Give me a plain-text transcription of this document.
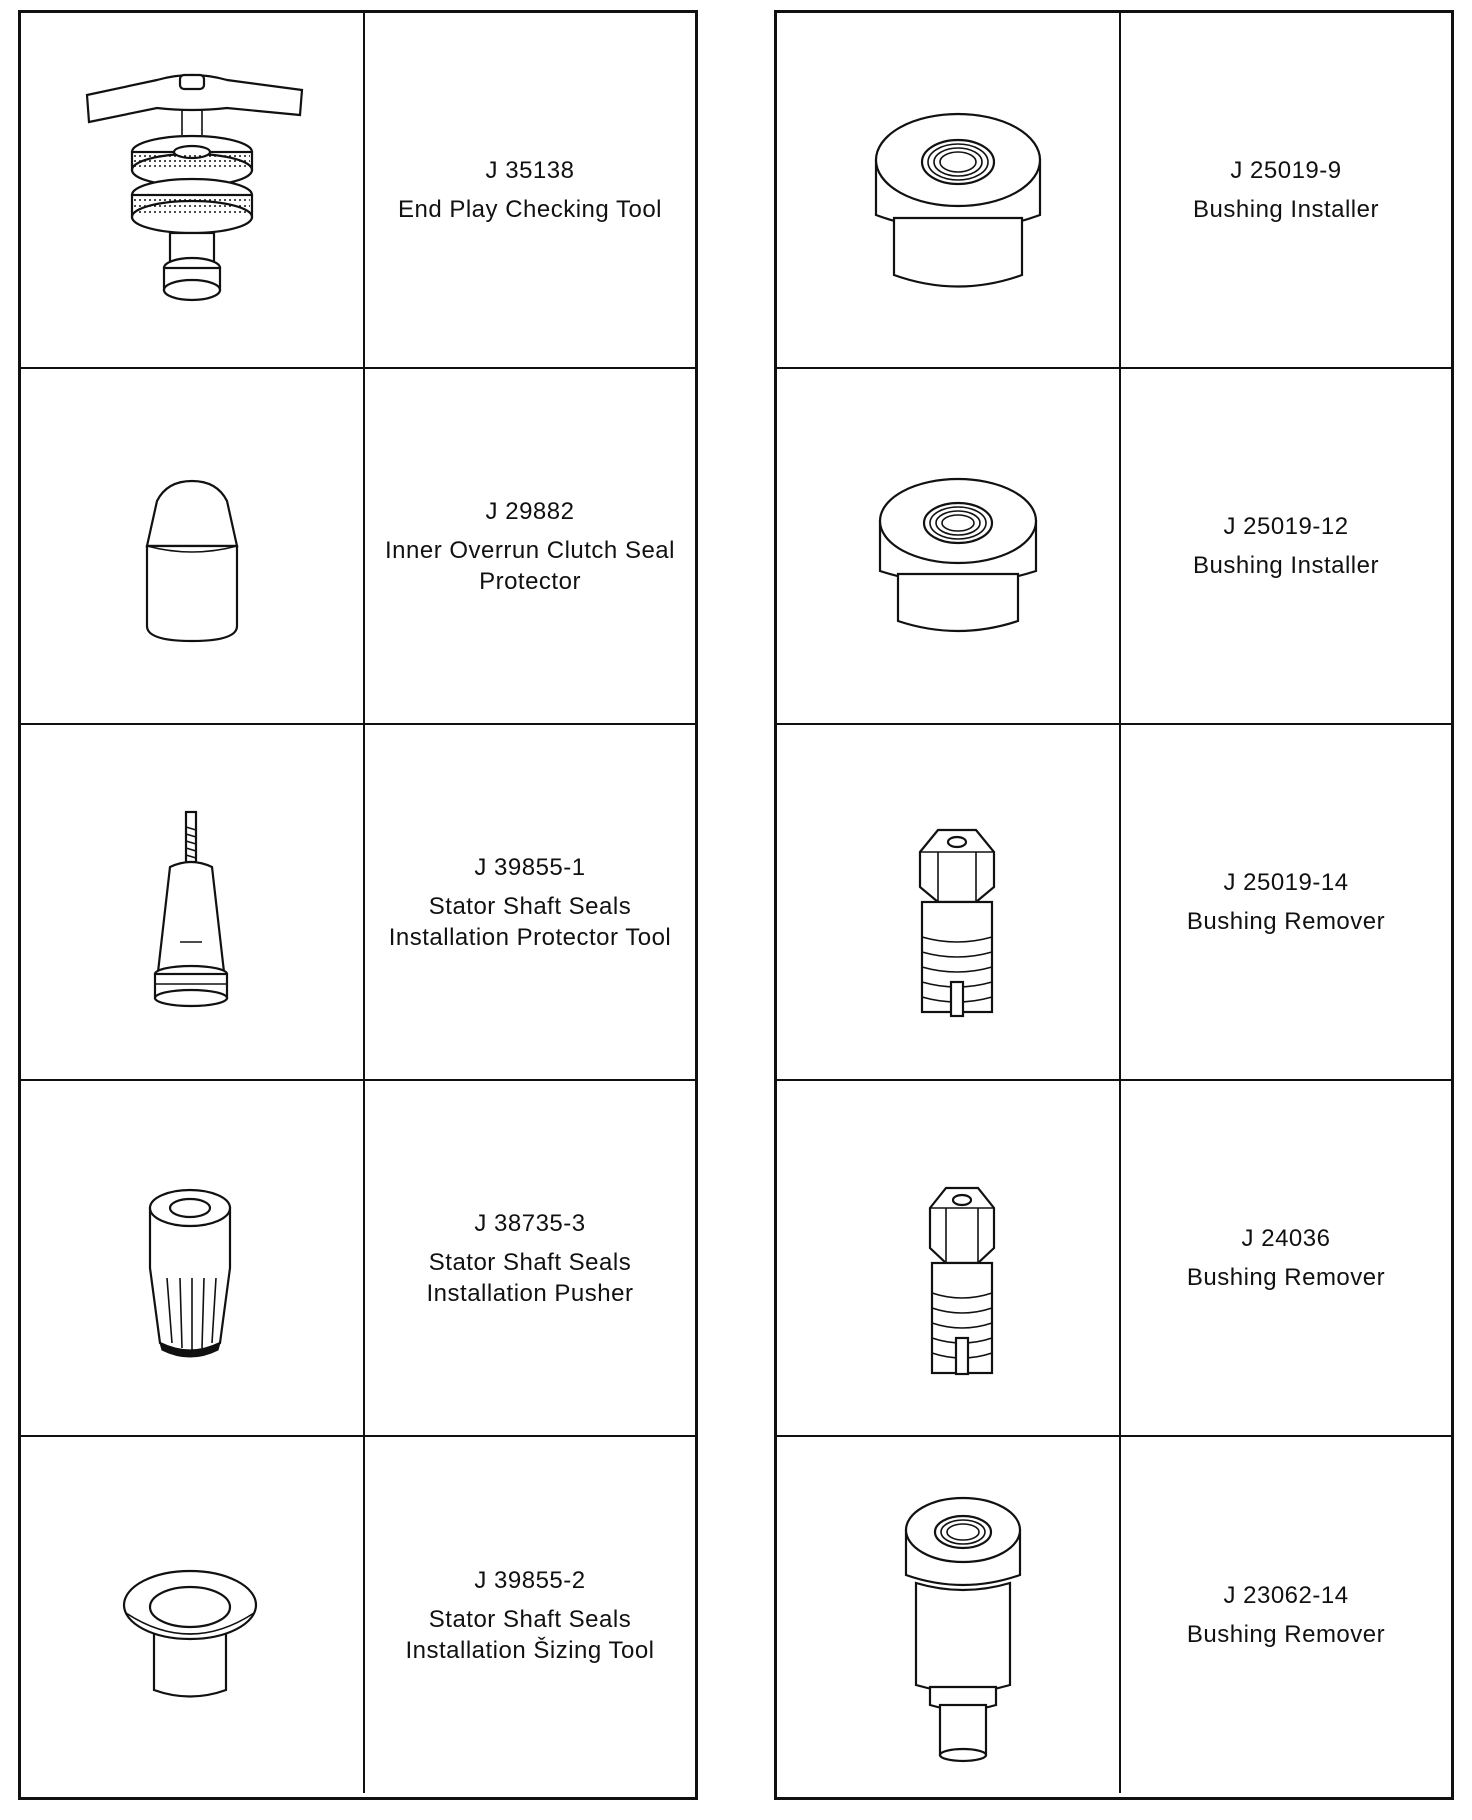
J 35138
End Play Checking Tool
J 29882
Inner Overrun Clutch Seal
Protector
J 39855-1
Stator Shaft Seals
Installation Protector Tool
J 38735-3
Stator Shaft Seals
Installation Pusher
J 39855-2
Stator Shaft Seals
Installation Šizing Tool
J 25019-9
Bushing Installer
J 25019-12
Bushing Installer
J 25019-14
Bushing Remover
J 24036
Bushing Remover
J 23062-14
Bushing Remover
